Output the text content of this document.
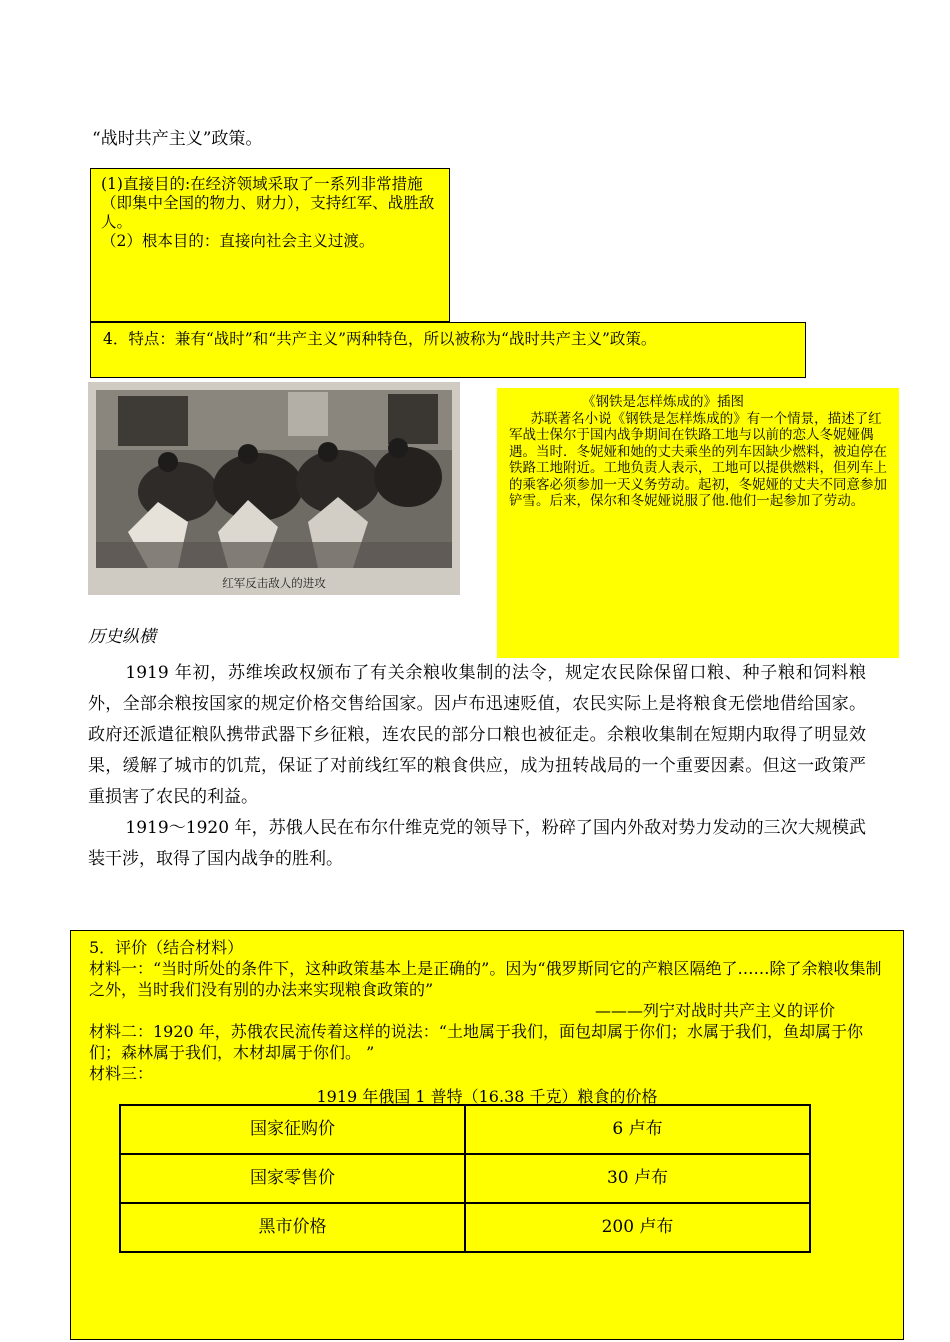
“战时共产主义”政策。
(1)直接目的:在经济领域采取了一系列非常措施（即集中全国的物力、财力），支持红军、战胜敌人。
（2）根本目的：直接向社会主义过渡。
4．特点：兼有“战时”和“共产主义”两种特色，所以被称为“战时共产主义”政策。
红军反击敌人的进攻
《钢铁是怎样炼成的》插图

苏联著名小说《钢铁是怎样炼成的》有一个情景，描述了红军战士保尔于国内战争期间在铁路工地与以前的恋人冬妮娅偶遇。当时．冬妮娅和她的丈夫乘坐的列车因缺少燃料，被迫停在铁路工地附近。工地负责人表示，工地可以提供燃料，但列车上的乘客必须参加一天义务劳动。起初，冬妮娅的丈夫不同意参加铲雪。后来，保尔和冬妮娅说服了他.他们一起参加了劳动。

历史纵横

1919 年初，苏维埃政权颁布了有关余粮收集制的法令，规定农民除保留口粮、种子粮和饲料粮外，全部余粮按国家的规定价格交售给国家。因卢布迅速贬值，农民实际上是将粮食无偿地借给国家。政府还派遣征粮队携带武器下乡征粮，连农民的部分口粮也被征走。余粮收集制在短期内取得了明显效果，缓解了城市的饥荒，保证了对前线红军的粮食供应，成为扭转战局的一个重要因素。但这一政策严重损害了农民的利益。

1919～1920 年，苏俄人民在布尔什维克党的领导下，粉碎了国内外敌对势力发动的三次大规模武装干涉，取得了国内战争的胜利。

5．评价（结合材料）
材料一：“当时所处的条件下，这种政策基本上是正确的”。因为“俄罗斯同它的产粮区隔绝了……除了余粮收集制之外，当时我们没有别的办法来实现粮食政策的”
———列宁对战时共产主义的评价
材料二：1920 年，苏俄农民流传着这样的说法：“土地属于我们，面包却属于你们；水属于我们，鱼却属于你们；森林属于我们，木材却属于你们。 ”
材料三：
1919 年俄国 1 普特（16.38 千克）粮食的价格
国家征购价	6 卢布
国家零售价	30 卢布
黑市价格	200 卢布
